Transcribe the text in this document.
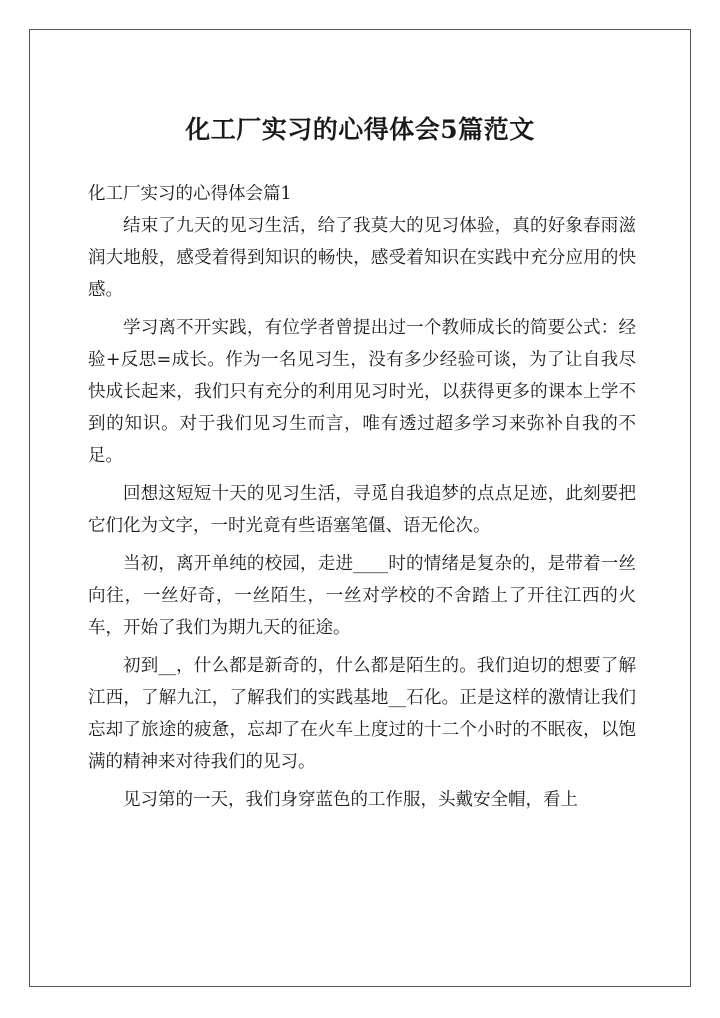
化工厂实习的心得体会5篇范文

化工厂实习的心得体会篇1

结束了九天的见习生活，给了我莫大的见习体验，真的好象春雨滋润大地般，感受着得到知识的畅快，感受着知识在实践中充分应用的快感。

学习离不开实践，有位学者曾提出过一个教师成长的简要公式：经验+反思=成长。作为一名见习生，没有多少经验可谈，为了让自我尽快成长起来，我们只有充分的利用见习时光，以获得更多的课本上学不到的知识。对于我们见习生而言，唯有透过超多学习来弥补自我的不足。

回想这短短十天的见习生活，寻觅自我追梦的点点足迹，此刻要把它们化为文字，一时光竟有些语塞笔僵、语无伦次。

当初，离开单纯的校园，走进____时的情绪是复杂的，是带着一丝向往，一丝好奇，一丝陌生，一丝对学校的不舍踏上了开往江西的火车，开始了我们为期九天的征途。

初到__，什么都是新奇的，什么都是陌生的。我们迫切的想要了解江西，了解九江，了解我们的实践基地__石化。正是这样的激情让我们忘却了旅途的疲惫，忘却了在火车上度过的十二个小时的不眠夜，以饱满的精神来对待我们的见习。

见习第的一天，我们身穿蓝色的工作服，头戴安全帽，看上
